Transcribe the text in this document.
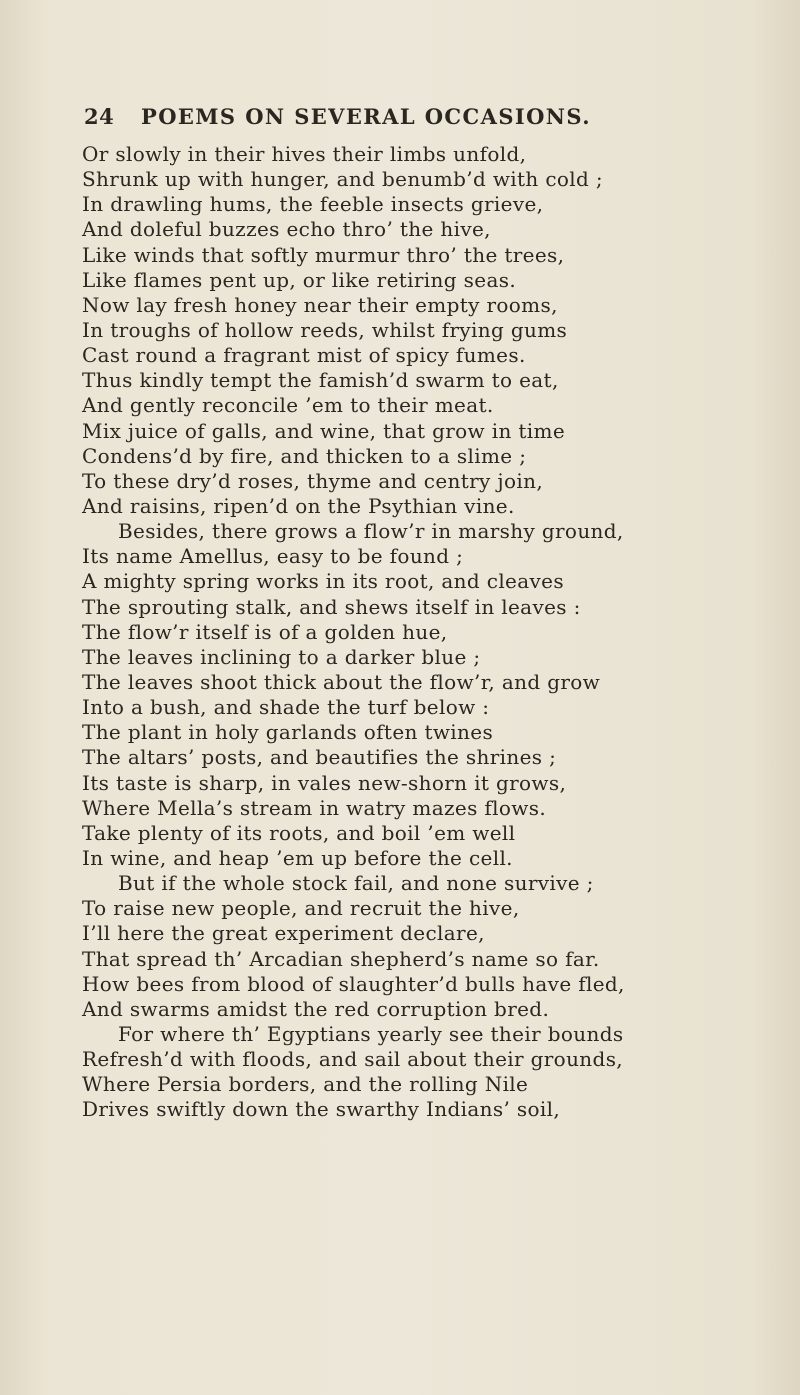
24 POEMS ON SEVERAL OCCASIONS.
Or slowly in their hives their limbs unfold,
Shrunk up with hunger, and benumb’d with cold ;
In drawling hums, the feeble insects grieve,
And doleful buzzes echo thro’ the hive,
Like winds that softly murmur thro’ the trees,
Like flames pent up, or like retiring seas.
Now lay fresh honey near their empty rooms,
In troughs of hollow reeds, whilst frying gums
Cast round a fragrant mist of spicy fumes.
Thus kindly tempt the famish’d swarm to eat,
And gently reconcile ’em to their meat.
Mix juice of galls, and wine, that grow in time
Condens’d by fire, and thicken to a slime ;
To these dry’d roses, thyme and centry join,
And raisins, ripen’d on the Psythian vine.
Besides, there grows a flow’r in marshy ground,
Its name Amellus, easy to be found ;
A mighty spring works in its root, and cleaves
The sprouting stalk, and shews itself in leaves :
The flow’r itself is of a golden hue,
The leaves inclining to a darker blue ;
The leaves shoot thick about the flow’r, and grow
Into a bush, and shade the turf below :
The plant in holy garlands often twines
The altars’ posts, and beautifies the shrines ;
Its taste is sharp, in vales new-shorn it grows,
Where Mella’s stream in watry mazes flows.
Take plenty of its roots, and boil ’em well
In wine, and heap ’em up before the cell.
But if the whole stock fail, and none survive ;
To raise new people, and recruit the hive,
I’ll here the great experiment declare,
That spread th’ Arcadian shepherd’s name so far.
How bees from blood of slaughter’d bulls have fled,
And swarms amidst the red corruption bred.
For where th’ Egyptians yearly see their bounds
Refresh’d with floods, and sail about their grounds,
Where Persia borders, and the rolling Nile
Drives swiftly down the swarthy Indians’ soil,
